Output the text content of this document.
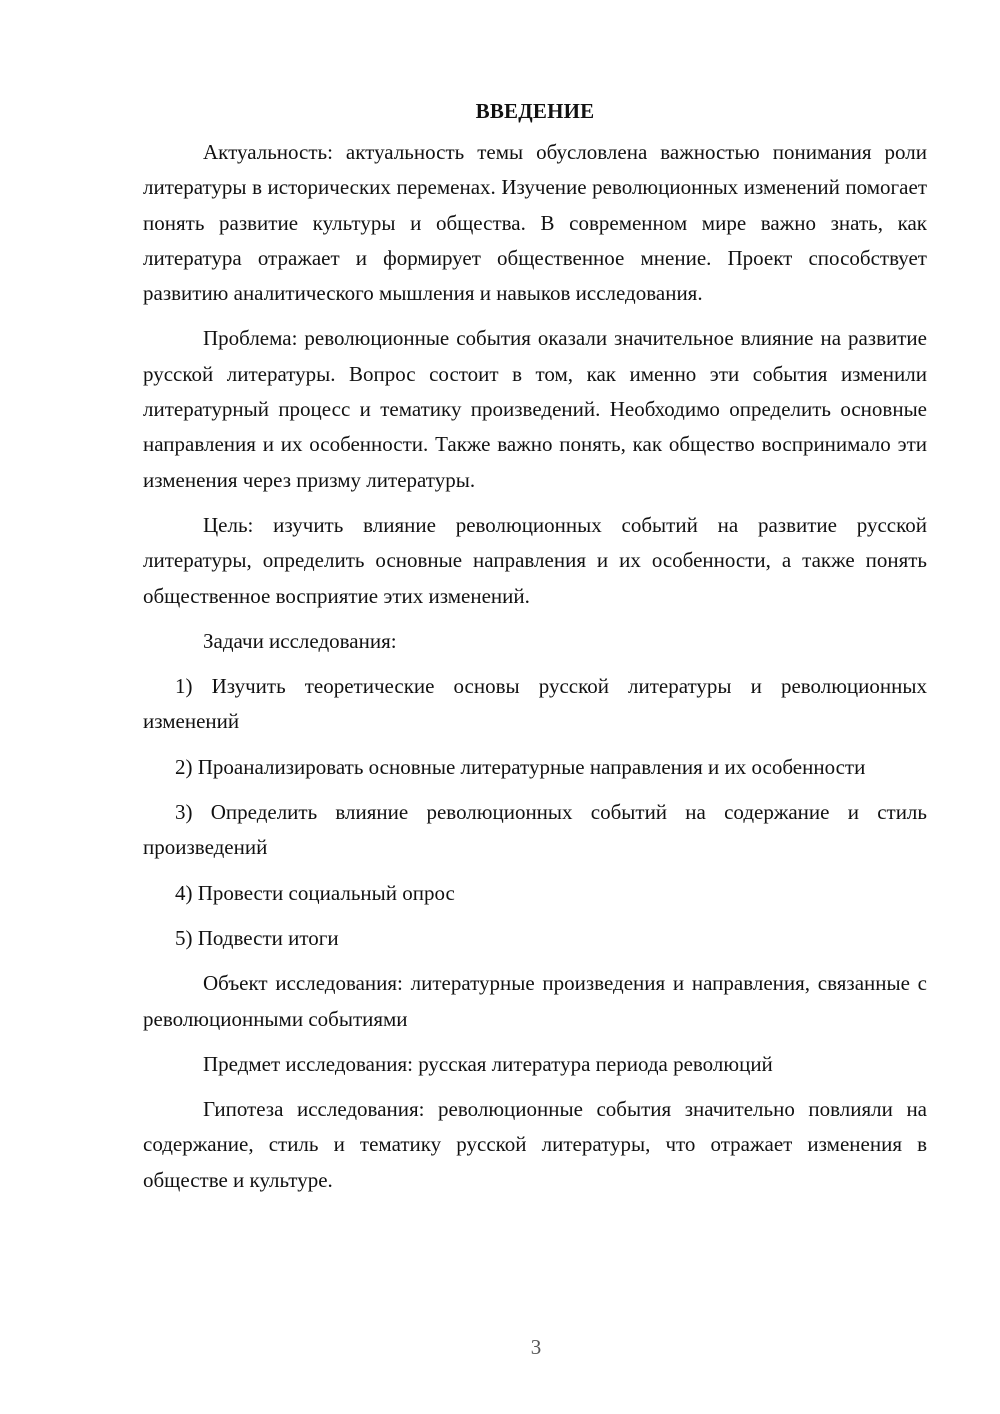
ВВЕДЕНИЕ

Актуальность: актуальность темы обусловлена важностью понимания роли литературы в исторических переменах. Изучение революционных изменений помогает понять развитие культуры и общества. В современном мире важно знать, как литература отражает и формирует общественное мнение. Проект способствует развитию аналитического мышления и навыков исследования.

Проблема: революционные события оказали значительное влияние на развитие русской литературы. Вопрос состоит в том, как именно эти события изменили литературный процесс и тематику произведений. Необходимо определить основные направления и их особенности. Также важно понять, как общество воспринимало эти изменения через призму литературы.

Цель: изучить влияние революционных событий на развитие русской литературы, определить основные направления и их особенности, а также понять общественное восприятие этих изменений.

Задачи исследования:

1) Изучить теоретические основы русской литературы и революционных изменений

2) Проанализировать основные литературные направления и их особенности

3) Определить влияние революционных событий на содержание и стиль произведений

4) Провести социальный опрос

5) Подвести итоги

Объект исследования: литературные произведения и направления, связанные с революционными событиями

Предмет исследования: русская литература периода революций

Гипотеза исследования: революционные события значительно повлияли на содержание, стиль и тематику русской литературы, что отражает изменения в обществе и культуре.

3
